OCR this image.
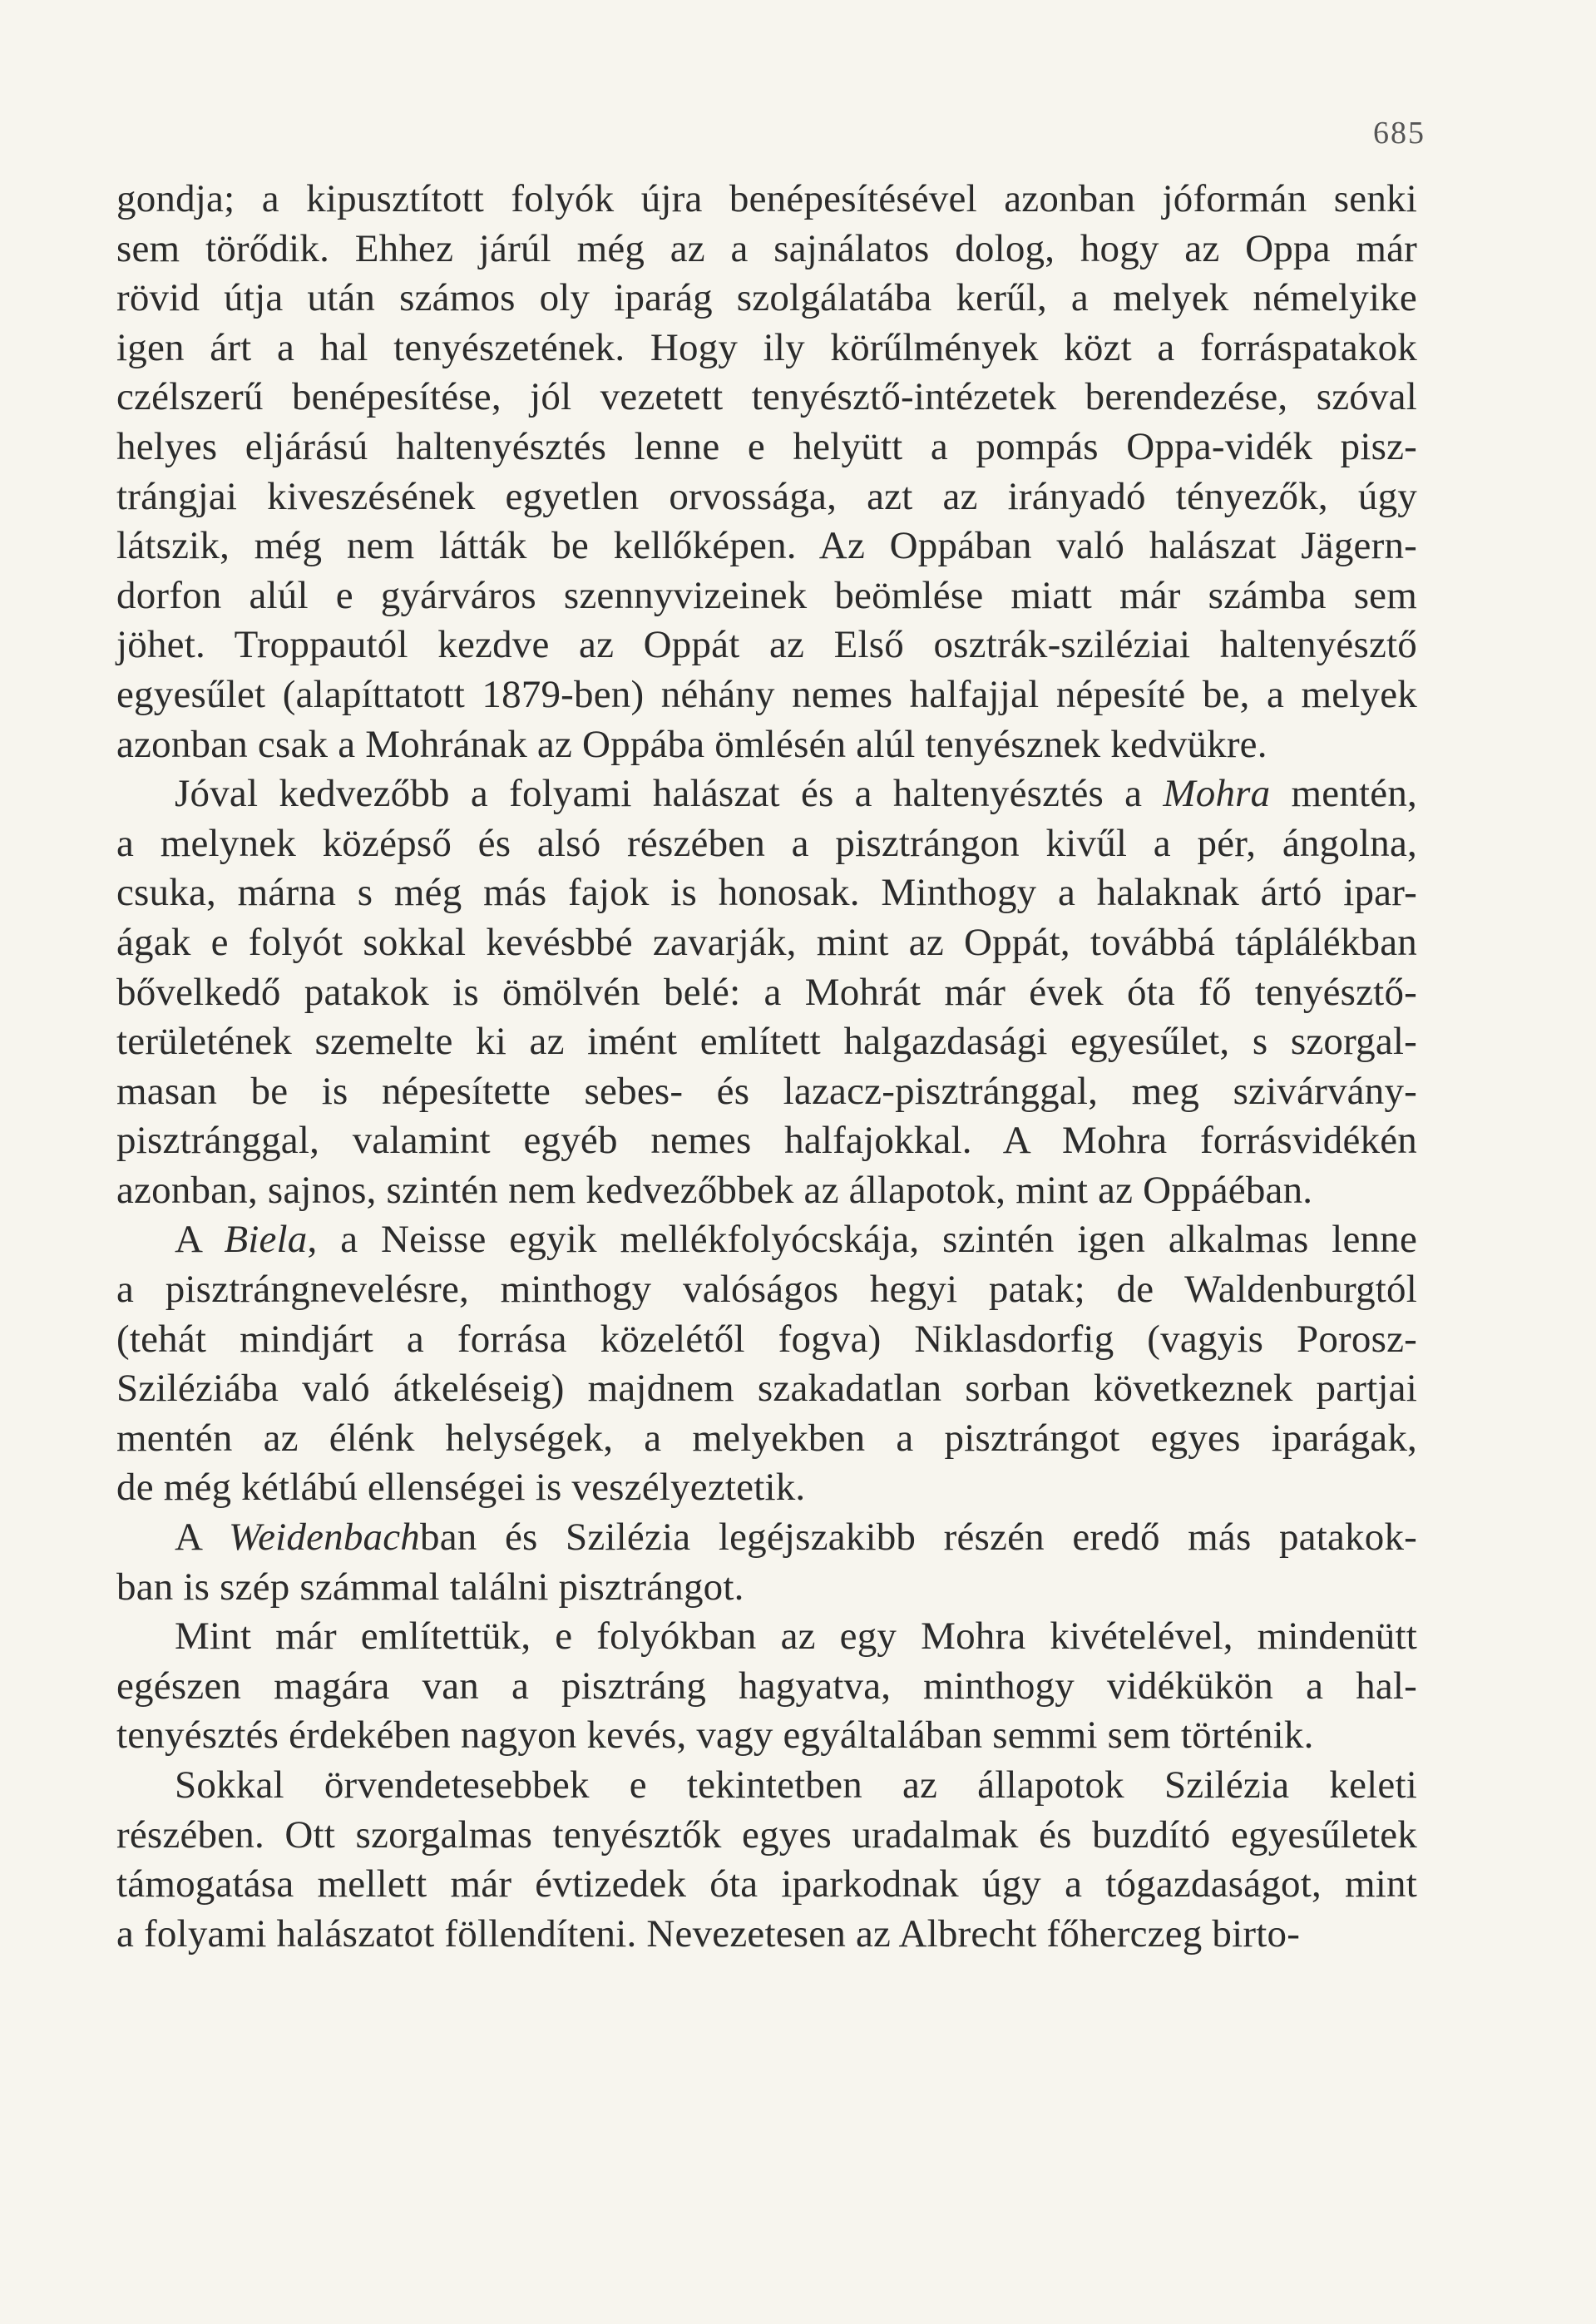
685
gondja; a kipusztított folyók újra benépesítésével azonban jóformán senki
sem törődik. Ehhez járúl még az a sajnálatos dolog, hogy az Oppa már
rövid útja után számos oly iparág szolgálatába kerűl, a melyek némelyike
igen árt a hal tenyészetének. Hogy ily körűlmények közt a forráspatakok
czélszerű benépesítése, jól vezetett tenyésztő-intézetek berendezése, szóval
helyes eljárású haltenyésztés lenne e helyütt a pompás Oppa-vidék pisz-
trángjai kiveszésének egyetlen orvossága, azt az irányadó tényezők, úgy
látszik, még nem látták be kellőképen. Az Oppában való halászat Jägern-
dorfon alúl e gyárváros szennyvizeinek beömlése miatt már számba sem
jöhet. Troppautól kezdve az Oppát az Első osztrák-sziléziai haltenyésztő
egyesűlet (alapíttatott 1879-ben) néhány nemes halfajjal népesíté be, a melyek
azonban csak a Mohrának az Oppába ömlésén alúl tenyésznek kedvükre.
Jóval kedvezőbb a folyami halászat és a haltenyésztés a Mohra mentén,
a melynek középső és alsó részében a pisztrángon kivűl a pér, ángolna,
csuka, márna s még más fajok is honosak. Minthogy a halaknak ártó ipar-
ágak e folyót sokkal kevésbbé zavarják, mint az Oppát, továbbá táplálékban
bővelkedő patakok is ömölvén belé: a Mohrát már évek óta fő tenyésztő-
területének szemelte ki az imént említett halgazdasági egyesűlet, s szorgal-
masan be is népesítette sebes- és lazacz-pisztránggal, meg szivárvány-
pisztránggal, valamint egyéb nemes halfajokkal. A Mohra forrásvidékén
azonban, sajnos, szintén nem kedvezőbbek az állapotok, mint az Oppáéban.
A Biela, a Neisse egyik mellékfolyócskája, szintén igen alkalmas lenne
a pisztrángnevelésre, minthogy valóságos hegyi patak; de Waldenburgtól
(tehát mindjárt a forrása közelétől fogva) Niklasdorfig (vagyis Porosz-
Sziléziába való átkeléseig) majdnem szakadatlan sorban következnek partjai
mentén az élénk helységek, a melyekben a pisztrángot egyes iparágak,
de még kétlábú ellenségei is veszélyeztetik.
A Weidenbachban és Szilézia legéjszakibb részén eredő más patakok-
ban is szép számmal találni pisztrángot.
Mint már említettük, e folyókban az egy Mohra kivételével, mindenütt
egészen magára van a pisztráng hagyatva, minthogy vidékükön a hal-
tenyésztés érdekében nagyon kevés, vagy egyáltalában semmi sem történik.
Sokkal örvendetesebbek e tekintetben az állapotok Szilézia keleti
részében. Ott szorgalmas tenyésztők egyes uradalmak és buzdító egyesűletek
támogatása mellett már évtizedek óta iparkodnak úgy a tógazdaságot, mint
a folyami halászatot föllendíteni. Nevezetesen az Albrecht főherczeg birto-
